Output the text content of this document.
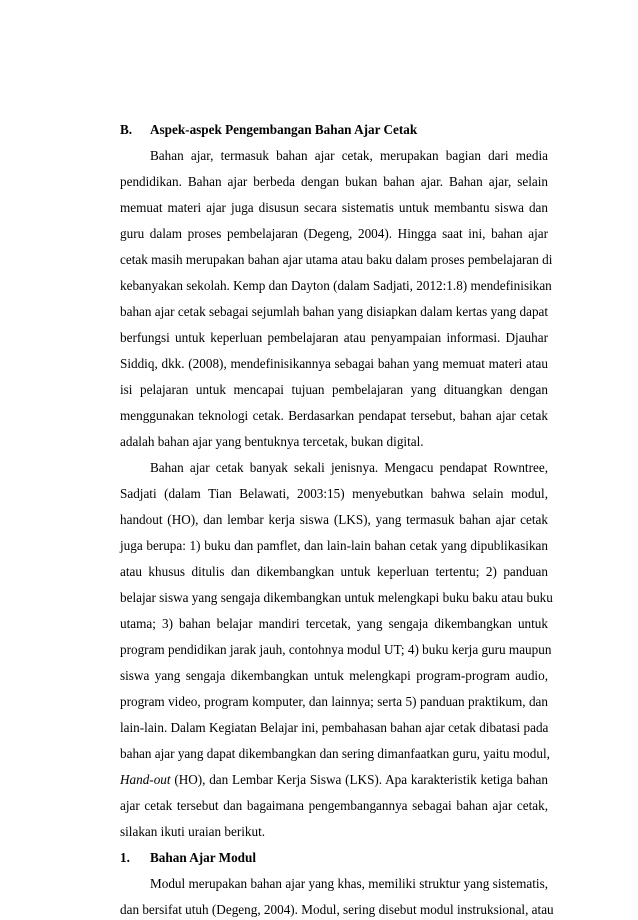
B. Aspek-aspek Pengembangan Bahan Ajar Cetak
Bahan ajar, termasuk bahan ajar cetak, merupakan bagian dari media
pendidikan. Bahan ajar berbeda dengan bukan bahan ajar. Bahan ajar, selain
memuat materi ajar juga disusun secara sistematis untuk membantu siswa dan
guru dalam proses pembelajaran (Degeng, 2004). Hingga saat ini, bahan ajar
cetak masih merupakan bahan ajar utama atau baku dalam proses pembelajaran di
kebanyakan sekolah. Kemp dan Dayton (dalam Sadjati, 2012:1.8) mendefinisikan
bahan ajar cetak sebagai sejumlah bahan yang disiapkan dalam kertas yang dapat
berfungsi untuk keperluan pembelajaran atau penyampaian informasi. Djauhar
Siddiq, dkk. (2008), mendefinisikannya sebagai bahan yang memuat materi atau
isi pelajaran untuk mencapai tujuan pembelajaran yang dituangkan dengan
menggunakan teknologi cetak. Berdasarkan pendapat tersebut, bahan ajar cetak
adalah bahan ajar yang bentuknya tercetak, bukan digital.
Bahan ajar cetak banyak sekali jenisnya. Mengacu pendapat Rowntree,
Sadjati (dalam Tian Belawati, 2003:15) menyebutkan bahwa selain modul,
handout (HO), dan lembar kerja siswa (LKS), yang termasuk bahan ajar cetak
juga berupa: 1) buku dan pamflet, dan lain-lain bahan cetak yang dipublikasikan
atau khusus ditulis dan dikembangkan untuk keperluan tertentu; 2) panduan
belajar siswa yang sengaja dikembangkan untuk melengkapi buku baku atau buku
utama; 3) bahan belajar mandiri tercetak, yang sengaja dikembangkan untuk
program pendidikan jarak jauh, contohnya modul UT; 4) buku kerja guru maupun
siswa yang sengaja dikembangkan untuk melengkapi program-program audio,
program video, program komputer, dan lainnya; serta 5) panduan praktikum, dan
lain-lain. Dalam Kegiatan Belajar ini, pembahasan bahan ajar cetak dibatasi pada
bahan ajar yang dapat dikembangkan dan sering dimanfaatkan guru, yaitu modul,
Hand-out (HO), dan Lembar Kerja Siswa (LKS). Apa karakteristik ketiga bahan
ajar cetak tersebut dan bagaimana pengembangannya sebagai bahan ajar cetak,
silakan ikuti uraian berikut.
1. Bahan Ajar Modul
Modul merupakan bahan ajar yang khas, memiliki struktur yang sistematis,
dan bersifat utuh (Degeng, 2004). Modul, sering disebut modul instruksional, atau
